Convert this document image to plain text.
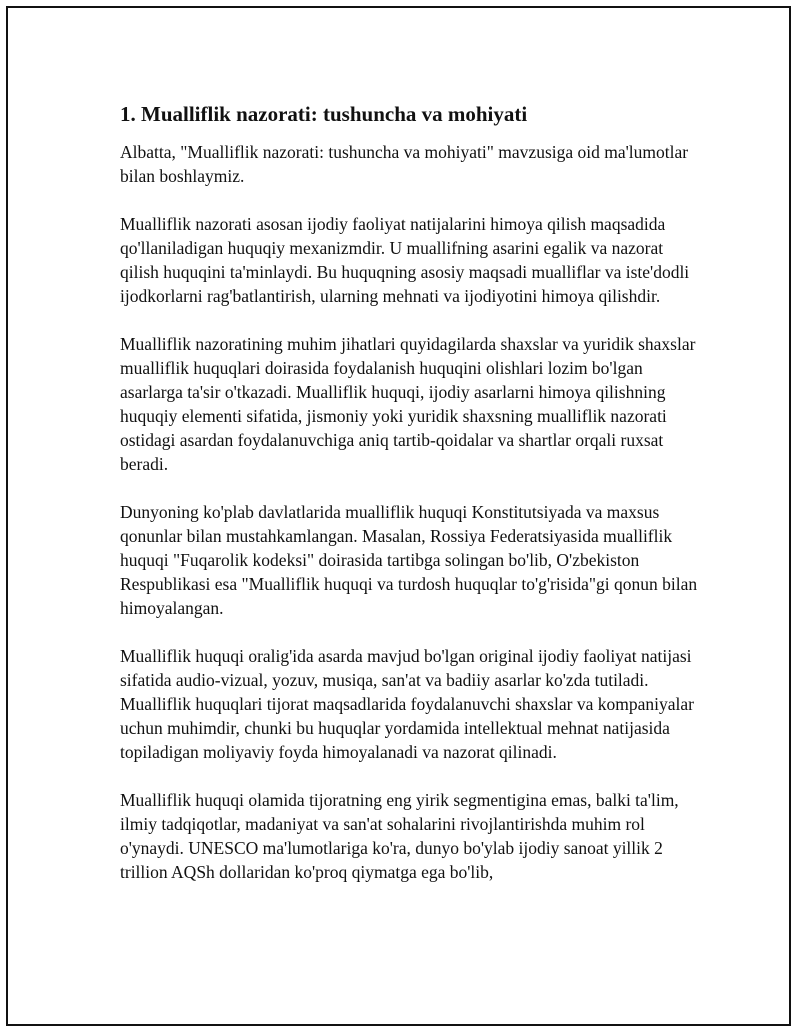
1. Mualliflik nazorati: tushuncha va mohiyati

Albatta, "Mualliflik nazorati: tushuncha va mohiyati" mavzusiga oid ma'lumotlar bilan boshlaymiz.

Mualliflik nazorati asosan ijodiy faoliyat natijalarini himoya qilish maqsadida qo'llaniladigan huquqiy mexanizmdir. U muallifning asarini egalik va nazorat qilish huquqini ta'minlaydi. Bu huquqning asosiy maqsadi mualliflar va iste'dodli ijodkorlarni rag'batlantirish, ularning mehnati va ijodiyotini himoya qilishdir.

Mualliflik nazoratining muhim jihatlari quyidagilarda shaxslar va yuridik shaxslar mualliflik huquqlari doirasida foydalanish huquqini olishlari lozim bo'lgan asarlarga ta'sir o'tkazadi. Mualliflik huquqi, ijodiy asarlarni himoya qilishning huquqiy elementi sifatida, jismoniy yoki yuridik shaxsning mualliflik nazorati ostidagi asardan foydalanuvchiga aniq tartib-qoidalar va shartlar orqali ruxsat beradi.

Dunyoning ko'plab davlatlarida mualliflik huquqi Konstitutsiyada va maxsus qonunlar bilan mustahkamlangan. Masalan, Rossiya Federatsiyasida mualliflik huquqi "Fuqarolik kodeksi" doirasida tartibga solingan bo'lib, O'zbekiston Respublikasi esa "Mualliflik huquqi va turdosh huquqlar to'g'risida"gi qonun bilan himoyalangan.

Mualliflik huquqi oralig'ida asarda mavjud bo'lgan original ijodiy faoliyat natijasi sifatida audio-vizual, yozuv, musiqa, san'at va badiiy asarlar ko'zda tutiladi. Mualliflik huquqlari tijorat maqsadlarida foydalanuvchi shaxslar va kompaniyalar uchun muhimdir, chunki bu huquqlar yordamida intellektual mehnat natijasida topiladigan moliyaviy foyda himoyalanadi va nazorat qilinadi.

Mualliflik huquqi olamida tijoratning eng yirik segmentigina emas, balki ta'lim, ilmiy tadqiqotlar, madaniyat va san'at sohalarini rivojlantirishda muhim rol o'ynaydi. UNESCO ma'lumotlariga ko'ra, dunyo bo'ylab ijodiy sanoat yillik 2 trillion AQSh dollaridan ko'proq qiymatga ega bo'lib,
